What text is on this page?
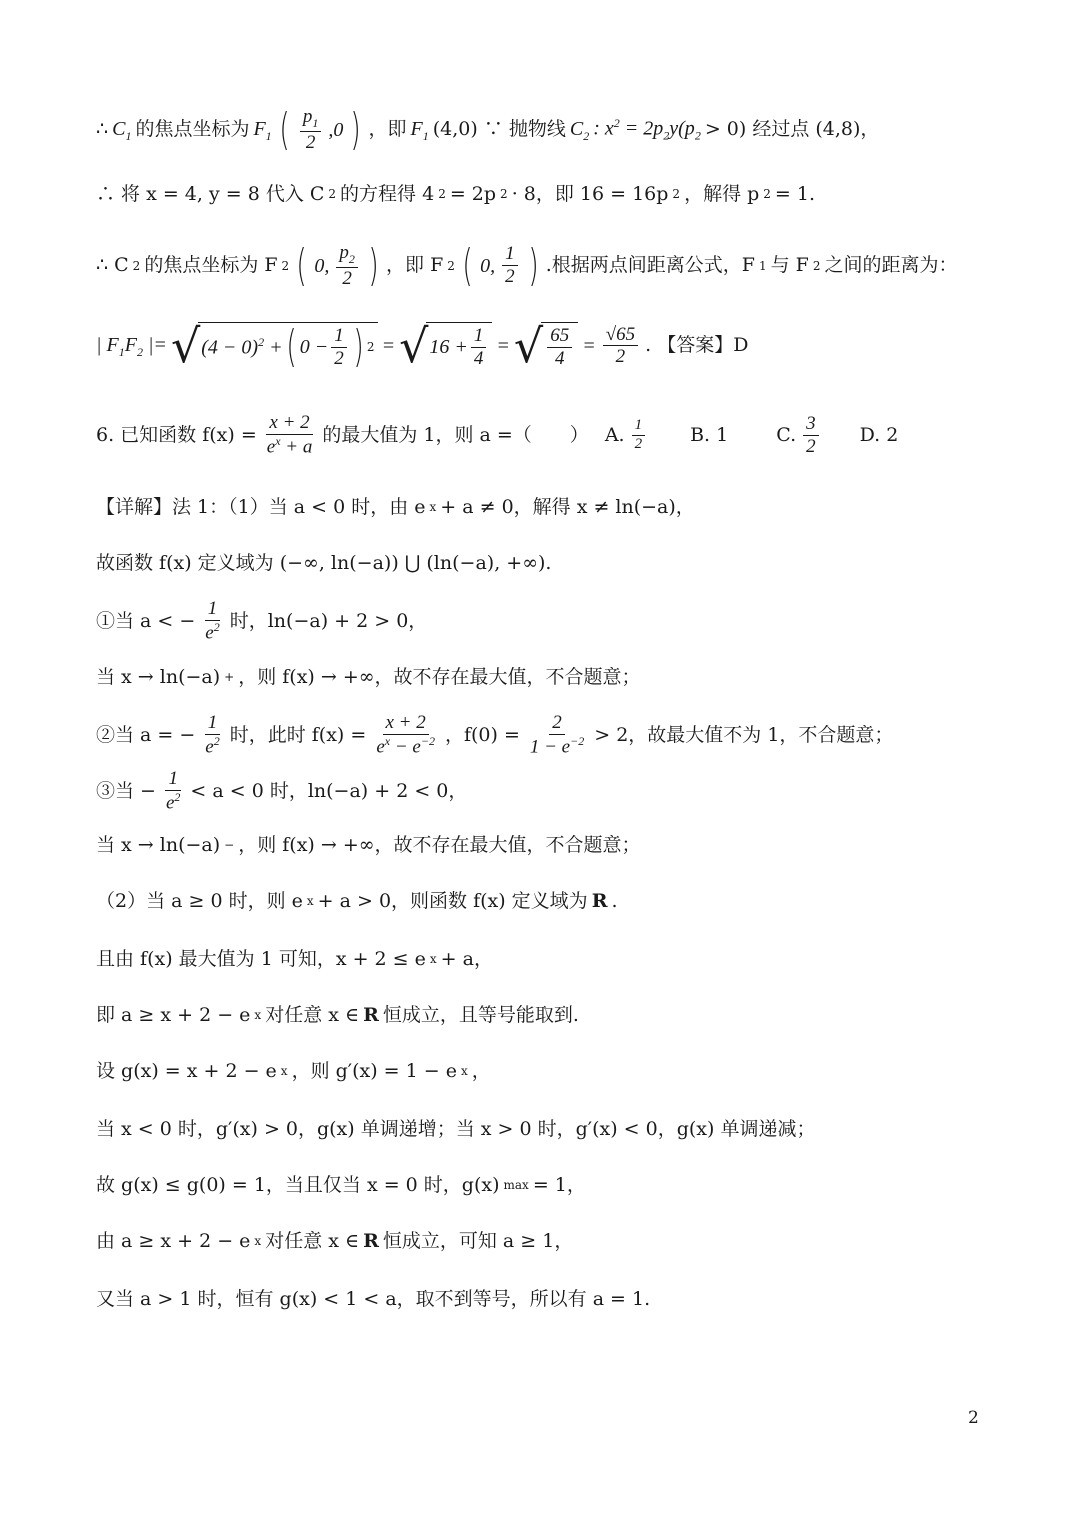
∴ $C_1$ 的焦点坐标为 $F_1$ ( $\frac{p_1}{2} ,0$ ) ，即 $F_1$ (4,0) ∵ 抛物线 $C_2$ : $x^2 = 2p_2y(p_2 > 0)$ 经过点 (4,8)，
∴ 将 x = 4, y = 8 代入 C 2 的方程得 4 2 = 2p 2 · 8，即 16 = 16p 2 ，解得 p 2 = 1.
∴ C 2 的焦点坐标为 F 2 ( 0, $\frac{p_2}{2}$ ) ，即 F 2 ( 0, $\frac{1}{2}$ ) .根据两点间距离公式，F 1 与 F 2 之间的距离为：
| $F_1F_2$ |= √ $(4 - 0)^2$ + ( $0 - \frac{1}{2}$ ) 2 = √ $16 + \frac{1}{4}$ = √ $\frac{65}{4} = \frac{√65}{2}$ . 【答案】D
6. 已知函数 $f(x) = \frac{x + 2}{e^x + a}$ 的最大值为 1，则 a =（　　） A. $\frac{1}{2} B$. 1	C. $\frac{3}{2} D$. 2
【详解】法 1：（1）当 a < 0 时，由 e x + a ≠ 0，解得 x ≠ ln(−a)，
故函数 f(x) 定义域为 (−∞, ln(−a)) ⋃ (ln(−a), +∞).
①当 a < − $\frac{1}{e^2}$ 时，ln(−a) + 2 > 0，
当 x → ln(−a) + ，则 f(x) → +∞，故不存在最大值，不合题意；
②当 a = − $\frac{1}{e^2}$ 时，此时 $f(x) = \frac{x + 2}{e^x - e^{-2}}$ ，$f(0) = \frac{2}{1 - e^{-2}} > 2$，故最大值不为 1，不合题意；
③当 − $\frac{1}{e^2} < a < 0$ 时，ln(−a) + 2 < 0，
当 x → ln(−a) − ，则 f(x) → +∞，故不存在最大值，不合题意；
（2）当 a ≥ 0 时，则 e x + a > 0，则函数 f(x) 定义域为 R .
且由 f(x) 最大值为 1 可知，x + 2 ≤ e x + a，
即 a ≥ x + 2 − e x 对任意 x ∈ R 恒成立，且等号能取到.
设 g(x) = x + 2 − e x ，则 g′(x) = 1 − e x ，
当 x < 0 时，g′(x) > 0，g(x) 单调递增；当 x > 0 时，g′(x) < 0，g(x) 单调递减；
故 g(x) ≤ g(0) = 1，当且仅当 x = 0 时，g(x) max = 1，
由 a ≥ x + 2 − e x 对任意 x ∈ R 恒成立，可知 a ≥ 1，
又当 a > 1 时，恒有 g(x) < 1 < a，取不到等号，所以有 a = 1.
2
